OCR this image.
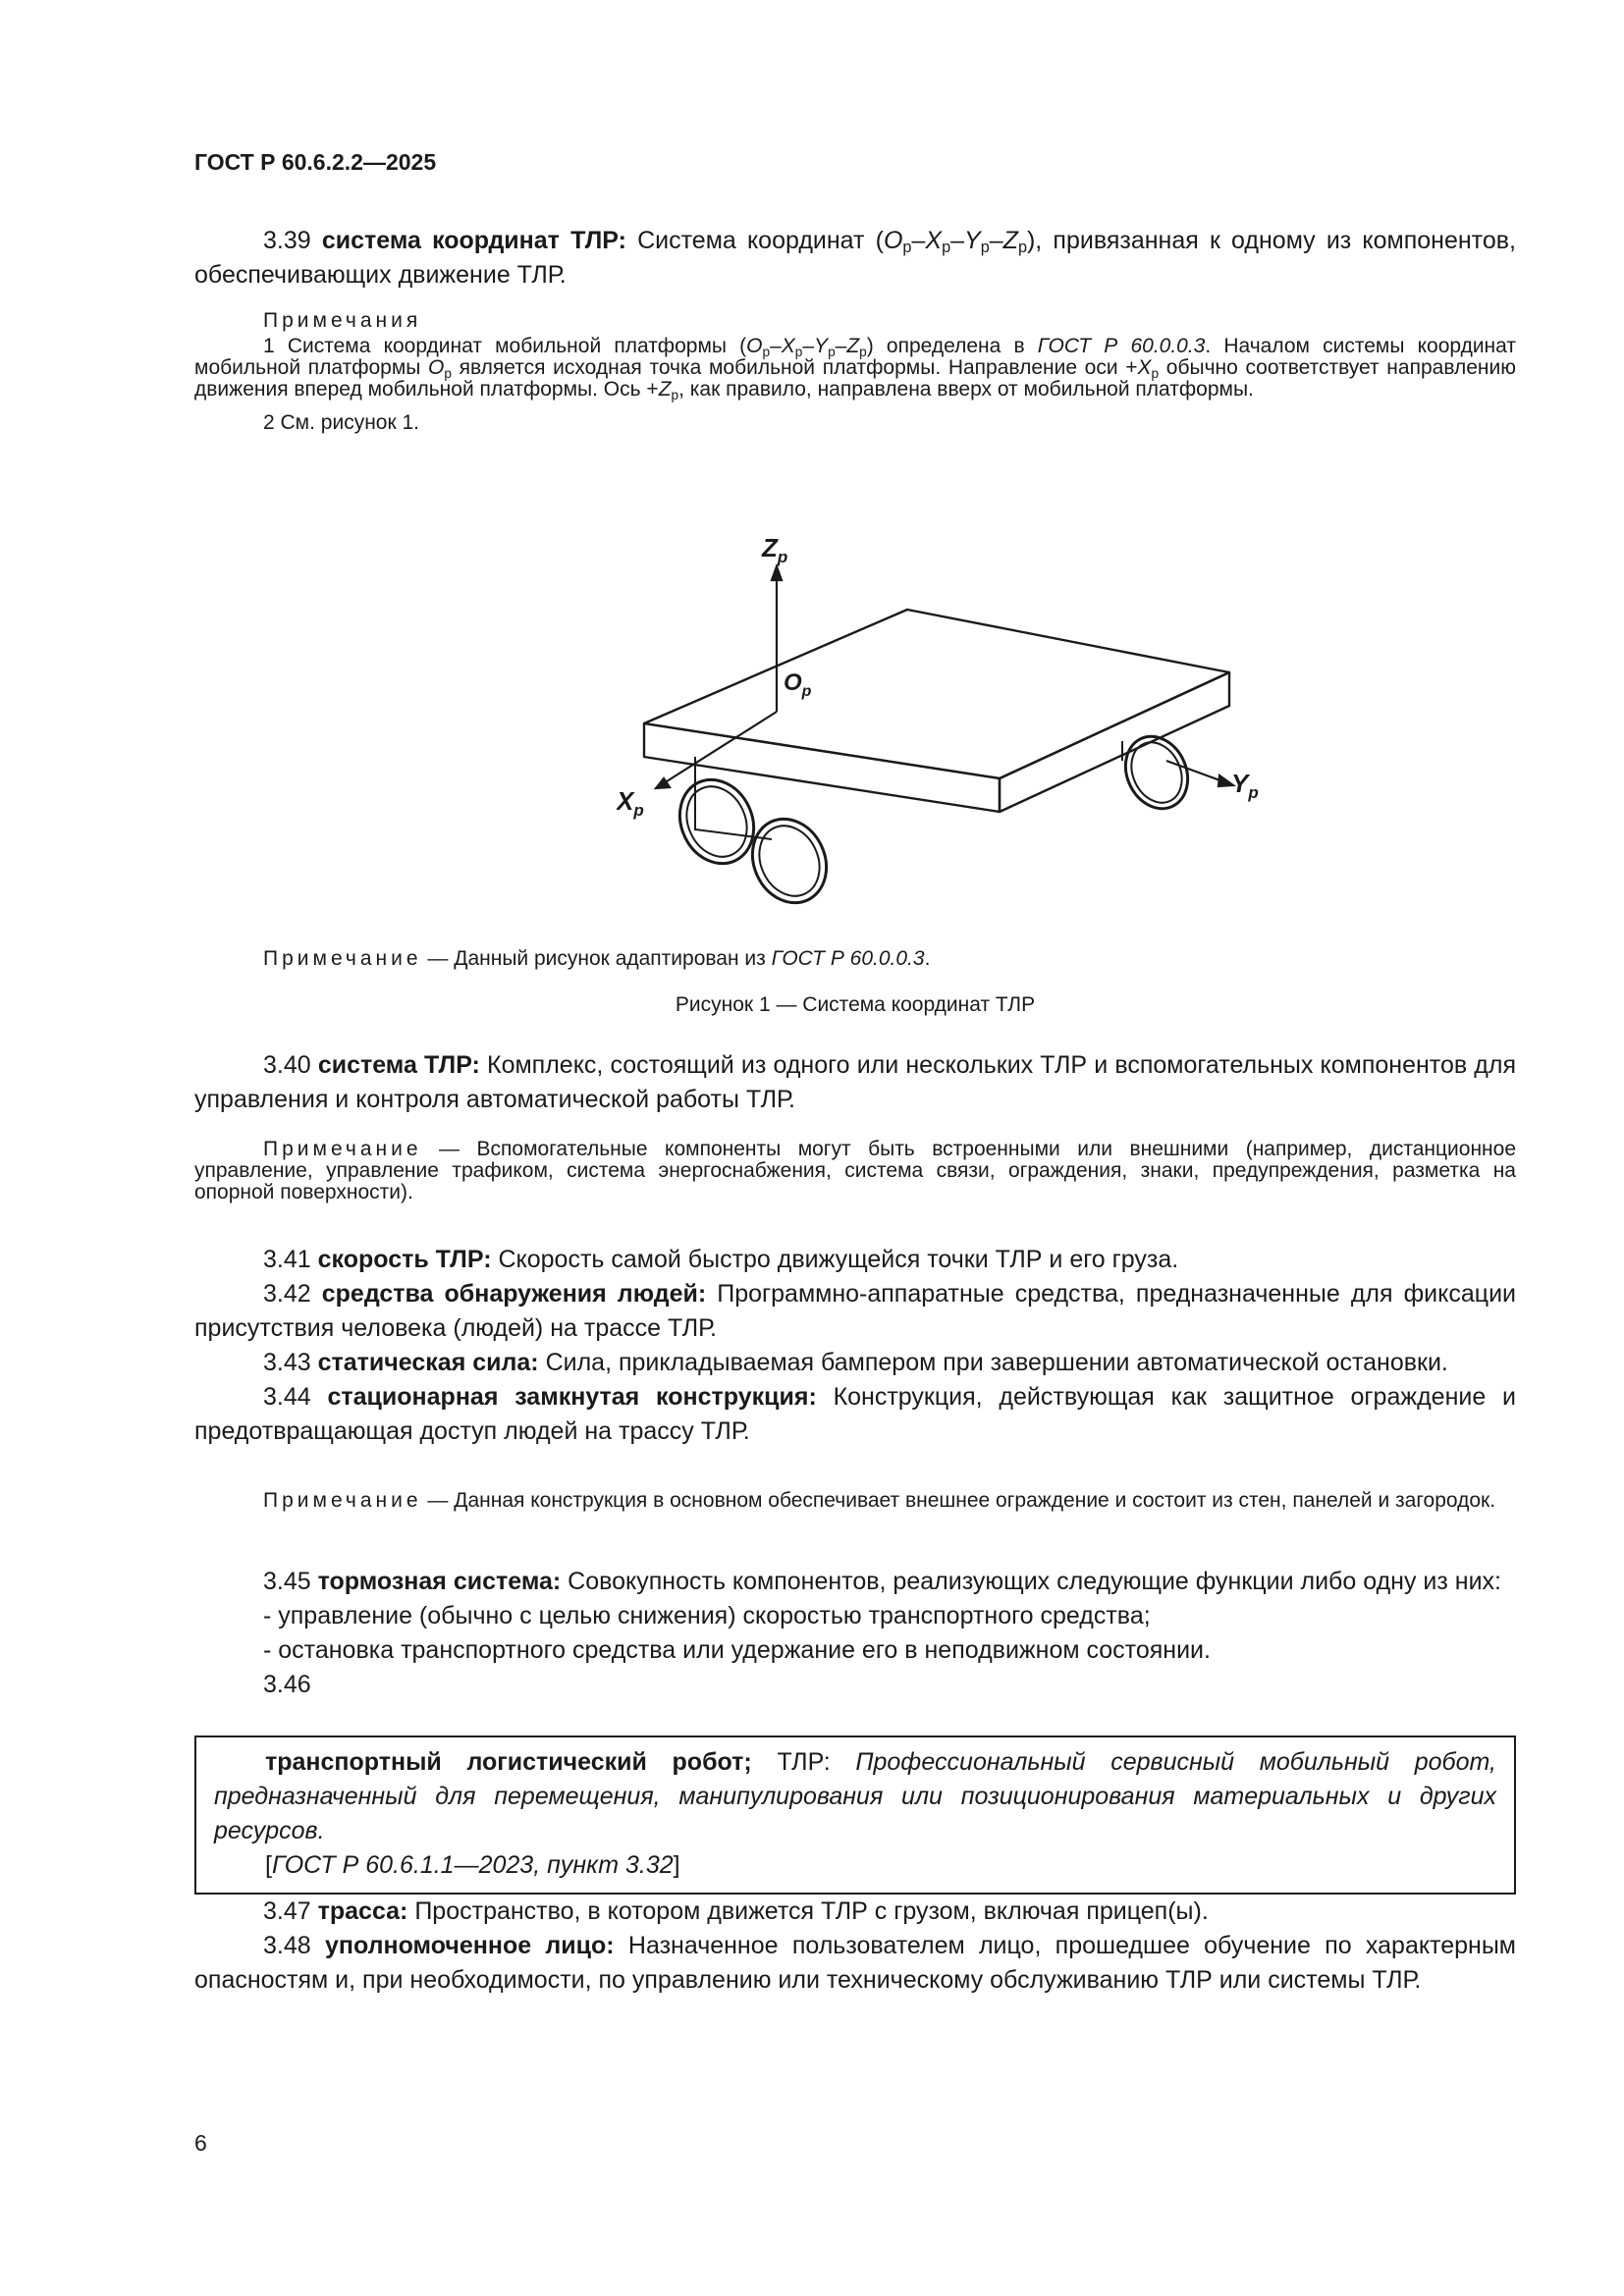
ГОСТ Р 60.6.2.2—2025

3.39 система координат ТЛР: Система координат $(O_p-X_p-Y_p-Z_p)$, привязанная к одному из компонентов, обеспечивающих движение ТЛР.

Примечания

1 Система координат мобильной платформы $(O_p-X_p-Y_p-Z_p)$ определена в ГОСТ Р 60.0.0.3. Началом системы координат мобильной платформы $O_p$ является исходная точка мобильной платформы. Направление оси $+X_p$ обычно соответствует направлению движения вперед мобильной платформы. Ось $+Z_p$, как правило, направлена вверх от мобильной платформы.

2 См. рисунок 1.

$Z_p$
$O_p$
$X_p$
$Y_p$

Примечание — Данный рисунок адаптирован из ГОСТ Р 60.0.0.3.

Рисунок 1 — Система координат ТЛР

3.40 система ТЛР: Комплекс, состоящий из одного или нескольких ТЛР и вспомогательных компонентов для управления и контроля автоматической работы ТЛР.

Примечание — Вспомогательные компоненты могут быть встроенными или внешними (например, дистанционное управление, управление трафиком, система энергоснабжения, система связи, ограждения, знаки, предупреждения, разметка на опорной поверхности).

3.41 скорость ТЛР: Скорость самой быстро движущейся точки ТЛР и его груза.

3.42 средства обнаружения людей: Программно-аппаратные средства, предназначенные для фиксации присутствия человека (людей) на трассе ТЛР.

3.43 статическая сила: Сила, прикладываемая бампером при завершении автоматической остановки.

3.44 стационарная замкнутая конструкция: Конструкция, действующая как защитное ограждение и предотвращающая доступ людей на трассу ТЛР.

Примечание — Данная конструкция в основном обеспечивает внешнее ограждение и состоит из стен, панелей и загородок.

3.45 тормозная система: Совокупность компонентов, реализующих следующие функции либо одну из них:

- управление (обычно с целью снижения) скоростью транспортного средства;

- остановка транспортного средства или удержание его в неподвижном состоянии.

3.46

транспортный логистический робот; ТЛР: Профессиональный сервисный мобильный робот, предназначенный для перемещения, манипулирования или позиционирования материальных и других ресурсов.

[ГОСТ Р 60.6.1.1—2023, пункт 3.32]

3.47 трасса: Пространство, в котором движется ТЛР с грузом, включая прицеп(ы).

3.48 уполномоченное лицо: Назначенное пользователем лицо, прошедшее обучение по характерным опасностям и, при необходимости, по управлению или техническому обслуживанию ТЛР или системы ТЛР.

6
